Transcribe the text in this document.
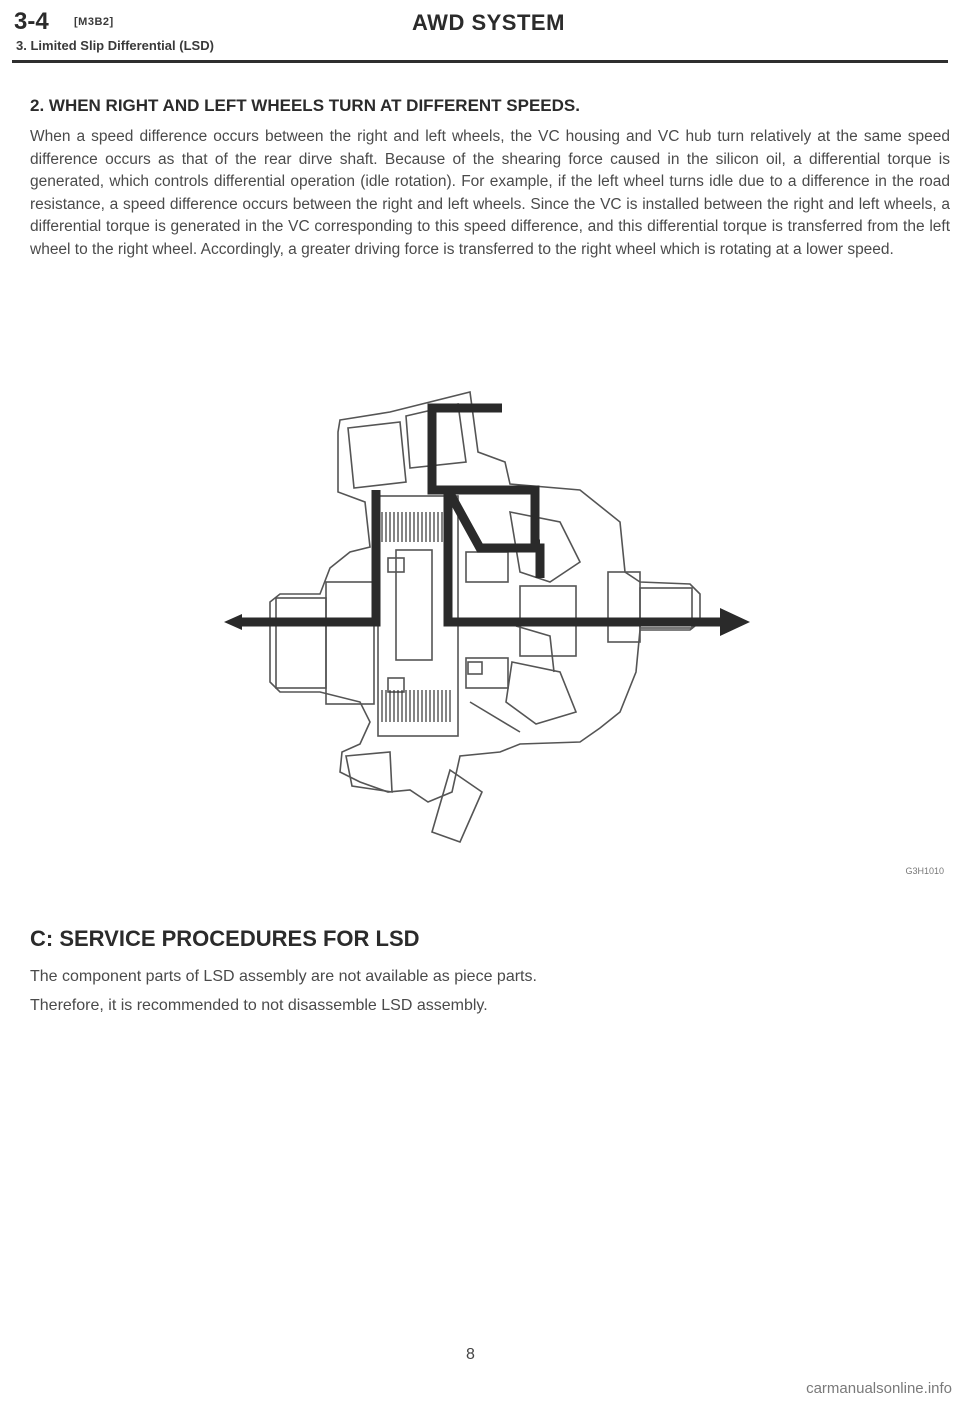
3-4 [M3B2]	AWD SYSTEM
3. Limited Slip Differential (LSD)
2. WHEN RIGHT AND LEFT WHEELS TURN AT DIFFERENT SPEEDS.

When a speed difference occurs between the right and left wheels, the VC housing and VC hub turn relatively at the same speed difference occurs as that of the rear dirve shaft. Because of the shearing force caused in the silicon oil, a differential torque is generated, which controls differential operation (idle rotation). For example, if the left wheel turns idle due to a difference in the road resistance, a speed difference occurs between the right and left wheels. Since the VC is installed between the right and left wheels, a differential torque is generated in the VC corresponding to this speed difference, and this differential torque is transferred from the left wheel to the right wheel. Accordingly, a greater driving force is transferred to the right wheel which is rotating at a lower speed.

G3H1010
C: SERVICE PROCEDURES FOR LSD
The component parts of LSD assembly are not available as piece parts.
Therefore, it is recommended to not disassemble LSD assembly.
8
carmanualsonline.info
